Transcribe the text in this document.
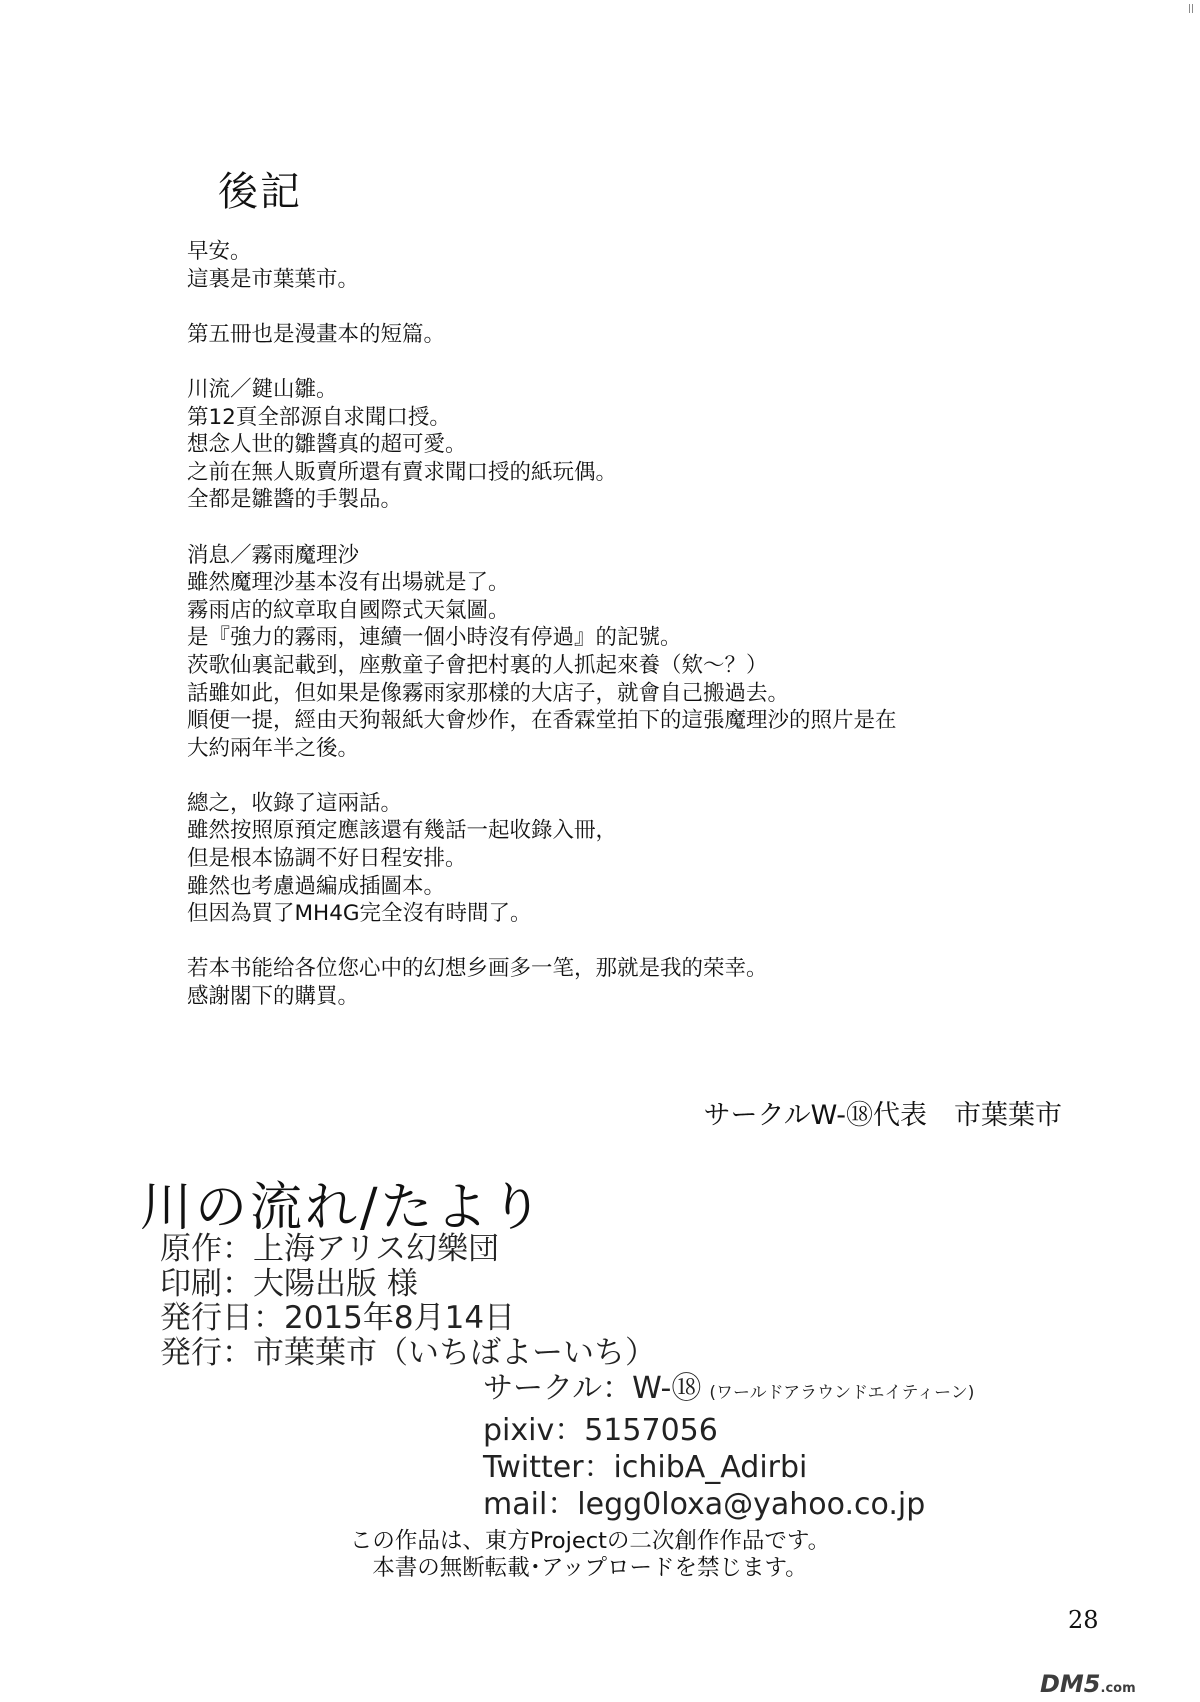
||
後記
早安。
這裏是市葉葉市。
第五冊也是漫畫本的短篇。
川流／鍵山雛。
第12頁全部源自求聞口授。
想念人世的雛醬真的超可愛。
之前在無人販賣所還有賣求聞口授的紙玩偶。
全都是雛醬的手製品。
消息／霧雨魔理沙
雖然魔理沙基本沒有出場就是了。
霧雨店的紋章取自國際式天氣圖。
是『強力的霧雨，連續一個小時沒有停過』的記號。
茨歌仙裏記載到，座敷童子會把村裏的人抓起來養（欸～？）
話雖如此，但如果是像霧雨家那樣的大店子，就會自己搬過去。
順便一提，經由天狗報紙大會炒作，在香霖堂拍下的這張魔理沙的照片是在
大約兩年半之後。
總之，收錄了這兩話。
雖然按照原預定應該還有幾話一起收錄入冊，
但是根本協調不好日程安排。
雖然也考慮過編成插圖本。
但因為買了MH4G完全沒有時間了。
若本书能给各位您心中的幻想乡画多一笔，那就是我的荣幸。
感謝閣下的購買。
サークルW-⑱代表　市葉葉市
川の流れ/たより
原作：上海アリス幻樂団
印刷：大陽出版 様
発行日：2015年8月14日
発行：市葉葉市（いちばよーいち）
サークル：W-⑱ (ワールドアラウンドエイティーン)
pixiv：5157056
Twitter：ichibA_Adirbi
mail：legg0loxa@yahoo.co.jp
この作品は、東方Projectの二次創作作品です。
本書の無断転載･アップロードを禁じます。
28
DM5.com
